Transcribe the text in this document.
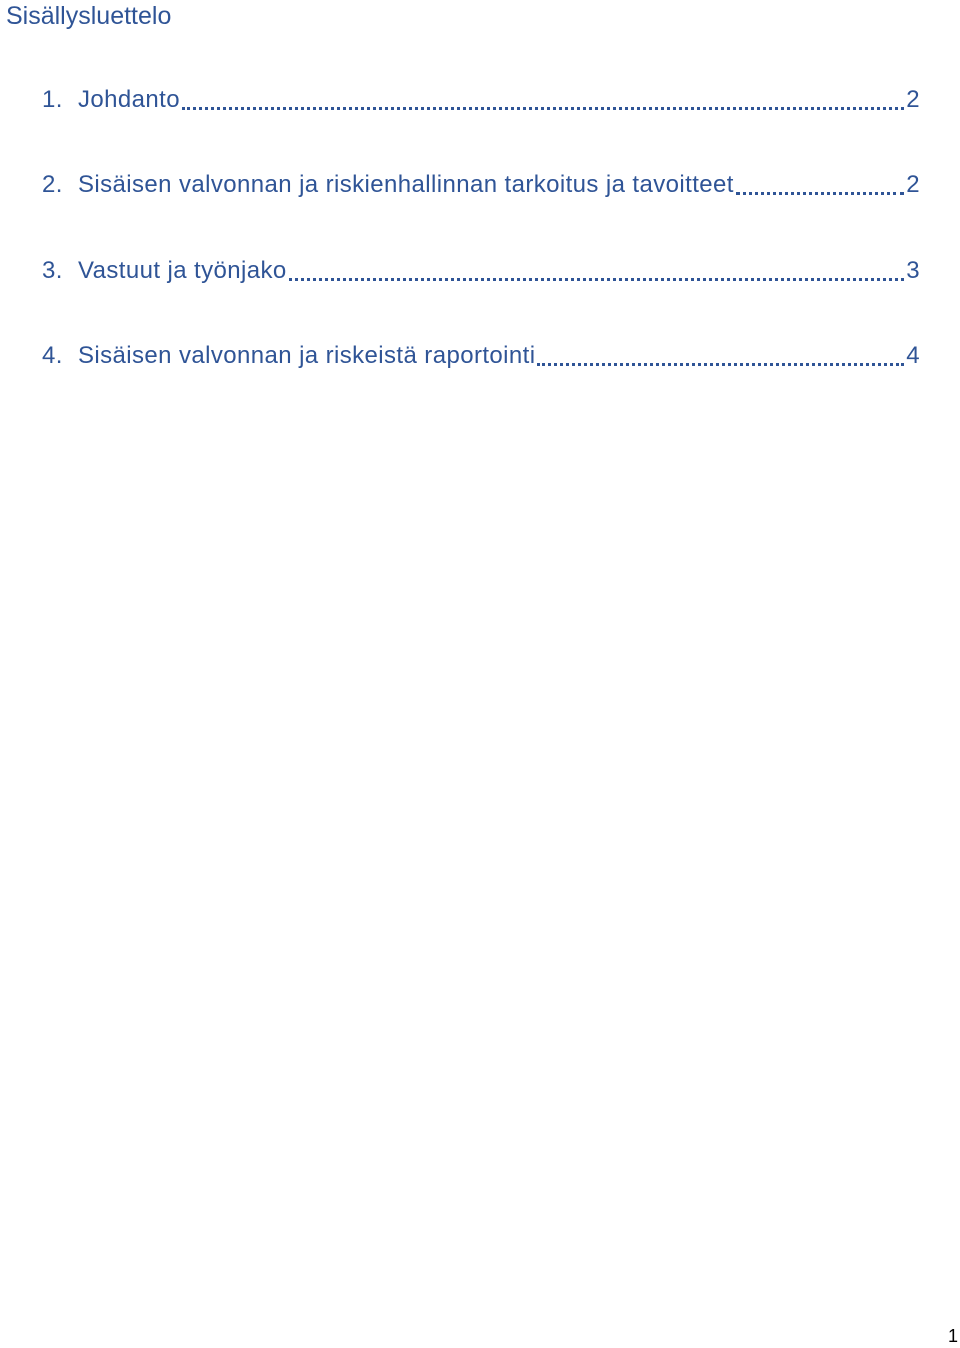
Sisällysluettelo
1. Johdanto	2
2. Sisäisen valvonnan ja riskienhallinnan tarkoitus ja tavoitteet	2
3. Vastuut ja työnjako	3
4. Sisäisen valvonnan ja riskeistä raportointi	4
1
